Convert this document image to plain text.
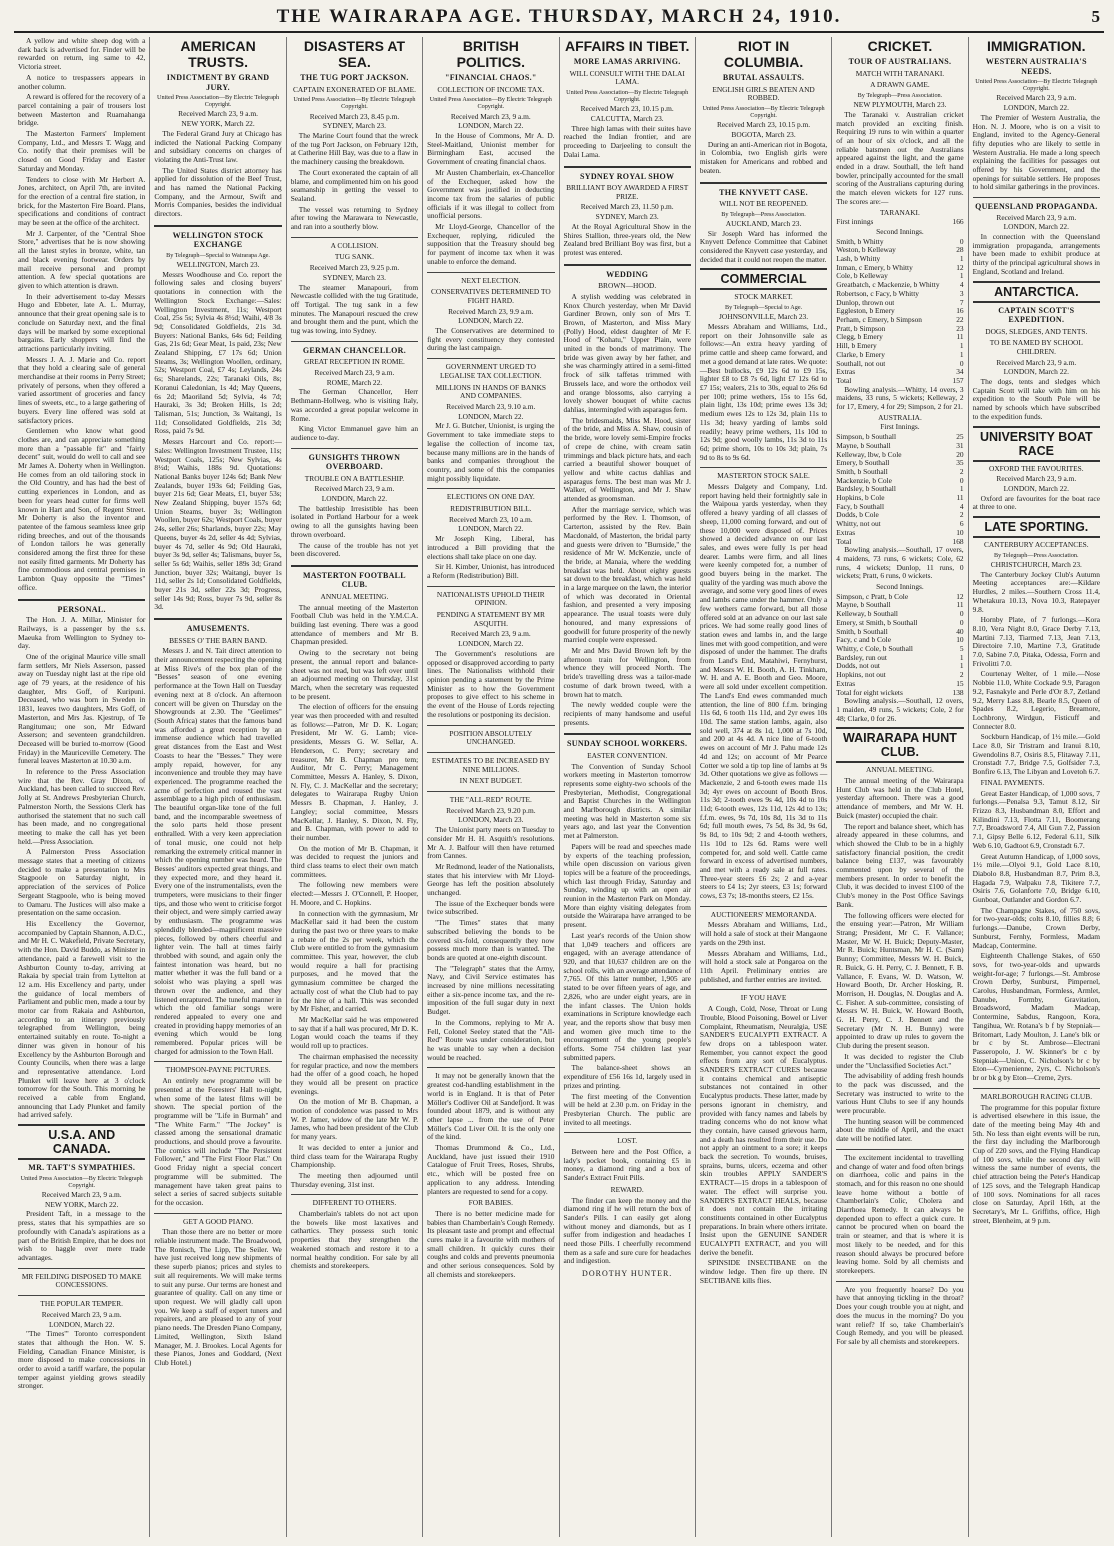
THE WAIRARAPA AGE. THURSDAY, MARCH 24, 1910.	5

A yellow and white sheep dog with a dark back is advertised for. Finder will be rewarded on return, ing same to 42, Victoria street.

A notice to trespassers appears in another column.

A reward is offered for the recovery of a parcel containing a pair of trousers lost between Masterton and Ruamahanga bridge.

The Masterton Farmers' Implement Company, Ltd., and Messrs T. Wagg and Co. notify that their premises will be closed on Good Friday and Easter Saturday and Monday.

Tenders to close with Mr Herbert A. Jones, architect, on April 7th, are invited for the erection of a central fire station, in brick, for the Masterton Fire Board. Plans, specifications and conditions of contract may be seen at the office of the architect.

Mr J. Carpenter, of the "Central Shoe Store," advertises that he is now showing all the latest styles in bronze, white, tan and black evening footwear. Orders by mail receive personal and prompt attention. A few special quotations are given to which attention is drawn.

In their advertisement to-day Messrs Hugo and Ebbeter, late A. L. Murray, announce that their great opening sale is to conclude on Saturday next, and the final days will be marked by some exceptional bargains. Early shoppers will find the attractions particularly inviting.

Messrs J. A. J. Marie and Co. report that they hold a clearing sale of general merchandise at their rooms in Perry Street; privately of persons, when they offered a varied assortment of groceries and fancy lines of sweets, etc., to a large gathering of buyers. Every line offered was sold at satisfactory prices.

Gentlemen who know what good clothes are, and can appreciate something more than a "passable fit" and "fairly decent" suit, would do well to call and see Mr James A. Doherty when in Wellington. He comes from an old tailoring stock in the Old Country, and has had the best of cutting experiences in London, and as been for years head cutter for firms well known in Hart and Son, of Regent Street. Mr Doherty is also the inventor and patentee of the famous seamless knee grip riding breeches, and out of the thousands of London tailors he was generally considered among the first three for these not easily fitted garments. Mr Doherty has fine commodious and central premises in Lambton Quay opposite the "Times" office.

PERSONAL.

The Hon. J. A. Millar, Minister for Railways, is a passenger by the s.s. Maeuka from Wellington to Sydney to-day.

One of the original Maurice ville small farm settlers, Mr Niels Asserson, passed away on Tuesday night last at the ripe old age of 79 years, at the residence of his daughter, Mrs Goff, of Kuripuni. Deceased, who was born in Sweden in 1831, leaves two daughters, Mrs Goff, of Masterton, and Mrs Jas. Kjestrup, of Te Rangitumau; one son, Mr Edward Asserson; and seventeen grandchildren. Deceased will be buried to-morrow (Good Friday) in the Mauriceville Cemetery. The funeral leaves Masterton at 10.30 a.m.

In reference to the Press Association wire that the Rev. Gray Dixon, of Auckland, has been called to succeed Rev. Jolly at St. Andrews Presbyterian Church, Palmerston North, the Sessions Clerk has authorised the statement that no such call has been made, and no congregational meeting to make the call has yet been held.—Press Association.

A Palmerston Press Association message states that a meeting of citizens decided to make a presentation to Mrs Stagpoole on Saturday night, in appreciation of the services of Police Sergeant Stagpoole, who is being moved to Oamaru. The Justices will also make a presentation on the same occasion.

His Excellency the Governor, accompanied by Captain Shannon, A.D.C., and Mr H. C. Wakefield, Private Secretary, with the Hon. David Buddo, as Minister in attendance, paid a farewell visit to the Ashburton County to-day, arriving at Rakaia by special train from Lyttelton at 12 a.m. His Excellency and party, under the guidance of local members of Parliament and public men, made a tour by motor car from Rakaia and Ashburton, according to an itinerary previously telegraphed from Wellington, being entertained suitably en route. To-night a dinner was given in honour of his Excellency by the Ashburton Borough and County Councils, when there was a large and representative attendance. Lord Plunket will leave here at 3 o'clock tomorrow for the South. This morning he received a cable from England, announcing that Lady Plunket and family had arrived safely.

U.S.A. AND CANADA.
MR. TAFT'S SYMPATHIES.
United Press Association—By Electric Telegraph Copyright.
Received March 23, 9 a.m.
NEW YORK, March 22.

President Taft, in a message to the press, states that his sympathies are so profoundly with Canada's aspirations as a part of the British Empire, that he does not wish to haggle over mere trade advantages.

MR FEILDING DISPOSED TO MAKE CONCESSIONS.
THE POPULAR TEMPER.
Received March 23, 9 a.m.
LONDON, March 22.

"The Times'" Toronto correspondent states that although the Hon. W. S. Fielding, Canadian Finance Minister, is more disposed to make concessions in order to avoid a tariff warfare, the popular temper against yielding grows steadily stronger.

AMERICAN TRUSTS.
INDICTMENT BY GRAND JURY.
United Press Association—By Electric Telegraph Copyright.
Received March 23, 9 a.m.
NEW YORK, March 22.

The Federal Grand Jury at Chicago has indicted the National Packing Company and subsidiary concerns on charges of violating the Anti-Trust law.

The United States district attorney has applied for dissolution of the Beef Trust, and has named the National Packing Company, and the Armour, Swift and Morris Companies, besides the individual directors.

WELLINGTON STOCK EXCHANGE
By Telegraph—Special to Wairarapa Age.
WELLINGTON, March 23.

Messrs Woodhouse and Co. report the following sales and closing buyers' quotations in connection with the Wellington Stock Exchange:—Sales: Wellington Investment, 11s; Westport Coal, 25s 5s; Sylvia 4s 8½d; Waihi, 4/8 3s 9d; Consolidated Goldfields, 21s 3d. Buyers: National Banks, 64s 6d; Feilding Gas, 21s 6d; Gear Meat, 1s paid, 23s; New Zealand Shipping, £7 17s 6d; Union Steams, 3s; Wellington Woollen, ordinary, 52s; Westport Coal, £7 4s; Leylands, 24s 6s; Sharelands, 22s; Taranaki Oils, 8s; Koranui Caledonian, 1s 4d; May Queens, 6s 2d; Maoriland 5d; Sylvia, 4s 7d; Hauraki, 3s 3d; Broken Hills, 1s 2d; Talisman, 51s; Junction, 3s Waitangi, 1s 11d; Consolidated Goldfields, 21s 3d; Ross, paid 7s 9d.

Messrs Harcourt and Co. report:—Sales: Wellington Investment Trustee, 11s; Westport Coals, 125s; New Sylvias, 4s 8½d; Waihis, 188s 9d. Quotations: National Banks buyer 124s 6d; Bank New Zealands, buyer 193s 6d; Feilding Gas, buyer 21s 6d; Gear Meats, £1, buyer 53s; New Zealand Shipping, buyer 157s 6d; Union Steams, buyer 3s; Wellington Woollen, buyer 62s; Westport Coals, buyer 24s, seller 26s; Sharlands, buyer 22s; May Queens, buyer 4s 2d, seller 4s 4d; Sylvias, buyer 4s 7d, seller 4s 9d; Old Hauraki, buyer 3s 9d, seller 4s; Talismans, buyer 5s, seller 5s 6d; Waihis, seller 189s 3d; Grand Junction, buyer 32s; Waitangi, buyer 1s 11d, seller 2s 1d; Consolidated Goldfields, buyer 21s 3d, seller 22s 3d; Progress, seller 14s 9d; Ross, buyer 7s 9d, seller 8s 3d.

AMUSEMENTS.
BESSES O' THE BARN BAND.

Messrs J. and N. Tait direct attention to their announcement respecting the opening at Miss Rive's of the box plan of the "Besses" season of one evening performance at the Town Hall on Tuesday evening next at 8 o'clock. An afternoon concert will be given on Thursday on the Showgrounds at 2.30. The "Geelimes" (South Africa) states that the famous band was afforded a great reception by an immense audience which had travelled great distances from the East and West Coasts to hear the "Besses." They were amply repaid, however, for any inconvenience and trouble they may have experienced. The programme reached the acme of perfection and roused the vast assemblage to a high pitch of enthusiasm. The beautiful organ-like tone of the full band, and the incomparable sweetness of the solo parts held those present enthralled. With a very keen appreciation of tonal music, one could not help remarking the extremely critical manner in which the opening number was heard. The Besses' auditors expected great things, and they expected more, and they heard it. Every one of the instrumentalists, even the trumpeters, were musicians to their finger tips, and those who went to criticise forgot their object, and were simply carried away by enthusiasm. The programme was splendidly blended—magnificent massive pieces, followed by others cheerful and lighter vein. The hall at times fairly throbbed with sound, and again only the faintest intonation was heard, but no matter whether it was the full band or a soloist who was playing a spell was thrown over the audience, and they listened enraptured. The tuneful manner in which the old familiar songs were rendered appealed to every one and created in providing happy memories of an evening which would be long remembered. Popular prices will be charged for admission to the Town Hall.

THOMPSON-PAYNE PICTURES.

An entirely new programme will be presented at the Foresters' Hall to-night, when some of the latest films will be shown. The special portion of the programme will be "Life in Burmah" and "The White Farm." "The Jockey" is classed among the sensational dramatic productions, and should prove a favourite. The comics will include "The Persistent Follower," and "The First Floor Flat." On Good Friday night a special concert programme will be submitted. The management have taken great pains to select a series of sacred subjects suitable for the occasion.

GET A GOOD PIANO.

Than those there are no better or more reliable instrument made. The Broadwood, The Ronisch, The Lipp, The Seiler. We have just received long new shipments of these superb pianos; prices and styles to suit all requirements. We will make terms to suit any purse. Our terms are honest and guarantee of quality. Call on any time or upon request. We will gladly call upon you. We keep a staff of expert tuners and repairers, and are pleased to any of your piano needs. The Dresden Piano Company, Limited, Wellington, Sixth Island Manager, M. J. Brookes. Local Agents for these Pianos, Jones and Goddard, (Next Club Hotel.)

DISASTERS AT SEA.
THE TUG PORT JACKSON.
CAPTAIN EXONERATED OF BLAME.
United Press Association—By Electric Telegraph Copyright.
Received March 23, 8.45 p.m.
SYDNEY, March 23.

The Marine Court found that the wreck of the tug Port Jackson, on February 12th, at Catherine Hill Bay, was due to a flaw in the machinery causing the breakdown.

The Court exonerated the captain of all blame, and complimented him on his good seamanship in getting the vessel to Sealand.

The vessel was returning to Sydney after towing the Marawara to Newcastle, and ran into a southerly blow.

A COLLISION.
TUG SANK.
Received March 23, 9.25 p.m.
SYDNEY, March 23.

The steamer Manapouri, from Newcastle collided with the tug Gratitude, off Tortigal. The tug sank in a few minutes. The Manapouri rescued the crew and brought them and the punt, which the tug was towing, into Sydney.

GERMAN CHANCELLOR.
GREAT RECEPTION IN ROME.
Received March 23, 9 a.m.
ROME, March 22.

The German Chancellor, Herr Bethmann-Hollweg, who is visiting Italy, was accorded a great popular welcome in Rome.

King Victor Emmanuel gave him an audience to-day.

GUNSIGHTS THROWN OVERBOARD.
TROUBLE ON A BATTLESHIP.
Received March 23, 9 a.m.
LONDON, March 22.

The battleship Irresistible has been isolated in Portland Harbour for a week owing to all the gunsights having been thrown overboard.

The cause of the trouble has not yet been discovered.

MASTERTON FOOTBALL CLUB.
ANNUAL MEETING.

The annual meeting of the Masterton Football Club was held in the Y.M.C.A. building last evening. There was a good attendance of members and Mr B. Chapman presided.

Owing to the secretary not being present, the annual report and balance-sheet was not read, but was left over until an adjourned meeting on Thursday, 31st March, when the secretary was requested to be present.

The election of officers for the ensuing year was then proceeded with and resulted as follows:—Patron, Mr D. K. Logan; President, Mr W. G. Lamb; vice-presidents, Messrs G. W. Sellar, A. Henderson, C. Perry; secretary and treasurer, Mr B. Chapman pro tem; Auditor, Mr C. Perry; Management Committee, Messrs A. Hanley, S. Dixon, N. Fly, C. J. MacKellar and the secretary; delegates to Wairarapa Rugby Union Messrs B. Chapman, J. Hanley, J. Langley; social committee, Messrs MacKellar, J. Hanley, S. Dixon, N. Fly, and B. Chapman, with power to add to their number.

On the motion of Mr B. Chapman, it was decided to request the juniors and third class teams to elect their own match committees.

The following new members were elected:—Messrs J. O'Connell, P. Hooper, H. Moore, and C. Hopkins.

In connection with the gymnasium, Mr MacKellar said it had been the custom during the past two or three years to make a rebate of the 2s per week, which the Club were entitled to from the gymnasium committee. This year, however, the club would require a hall for practising purposes, and he moved that the gymnasium committee be charged the actually cost of what the Club had to pay for the hire of a hall. This was seconded by Mr Fisher, and carried.

Mr MacKellar said he was empowered to say that if a hall was procured, Mr D. K. Logan would coach the teams if they would roll up to practices.

The chairman emphasised the necessity for regular practice, and now the members had the offer of a good coach, he hoped they would all be present on practice evenings.

On the motion of Mr B. Chapman, a motion of condolence was passed to Mrs W. P. Jamer, widow of the late Mr W. P. James, who had been president of the Club for many years.

It was decided to enter a junior and third class team for the Wairarapa Rugby Championship.

The meeting then adjourned until Thursday evening, 31st inst.

DIFFERENT TO OTHERS.

Chamberlain's tablets do not act upon the bowels like most laxatives and cathartics. They possess such tonic properties that they strengthen the weakened stomach and restore it to a normal healthy condition. For sale by all chemists and storekeepers.

BRITISH POLITICS.
"FINANCIAL CHAOS."
COLLECTION OF INCOME TAX.
United Press Association—By Electric Telegraph Copyright.
Received March 23, 9 a.m.
LONDON, March 22.

In the House of Commons, Mr A. D. Steel-Maitland, Unionist member for Birmingham East, accused the Government of creating financial chaos.

Mr Austen Chamberlain, ex-Chancellor of the Exchequer, asked how the Government was justified in deducting income tax from the salaries of public officials if it was illegal to collect from unofficial persons.

Mr Lloyd-George, Chancellor of the Exchequer, replying, ridiculed the supposition that the Treasury should beg for payment of income tax when it was unable to enforce the demand.

NEXT ELECTION.
CONSERVATIVES DETERMINED TO FIGHT HARD.
Received March 23, 9.9 a.m.
LONDON, March 22.

The Conservatives are determined to fight every constituency they contested during the last campaign.

GOVERNMENT URGED TO LEGALISE TAX COLLECTION.
MILLIONS IN HANDS OF BANKS AND COMPANIES.
Received March 23, 9.10 a.m.
LONDON, March 22.

Mr J. G. Butcher, Unionist, is urging the Government to take immediate steps to legalise the collection of income tax, because many millions are in the hands of banks and companies throughout the country, and some of this the companies might possibly liquidate.

ELECTIONS ON ONE DAY.
REDISTRIBUTION BILL.
Received March 23, 10 a.m.
LONDON, March 22.

Mr Joseph King, Liberal, has introduced a Bill providing that the elections shall take place on one day.

Sir H. Kimber, Unionist, has introduced a Reform (Redistribution) Bill.

NATIONALISTS UPHOLD THEIR OPINION.
PENDING A STATEMENT BY MR ASQUITH.
Received March 23, 9 a.m.
LONDON, March 22.

The Government's resolutions are opposed or disapproved according to party lines. The Nationalists withhold their opinion pending a statement by the Prime Minister as to how the Government proposes to give effect to his scheme in the event of the House of Lords rejecting the resolutions or postponing its decision.

POSITION ABSOLUTELY UNCHANGED.
ESTIMATES TO BE INCREASED BY NINE MILLIONS.
IN NEXT BUDGET.
THE "ALL-RED" ROUTE.
Received March 23, 9.20 p.m.
LONDON, March 23.

The Unionist party meets on Tuesday to consider Mr H. H. Asquith's resolutions. Mr A. J. Balfour will then have returned from Cannes.

Mr Redmond, leader of the Nationalists, states that his interview with Mr Lloyd-George has left the position absolutely unchanged.

The issue of the Exchequer bonds were twice subscribed.

"The Times" states that many subscribed believing the bonds to be covered six-fold, consequently they now possess much more than is wanted. The bonds are quoted at one-eighth discount.

The "Telegraph" states that the Army, Navy, and Civil Service estimates has increased by nine millions necessitating either a six-pence income tax, and the re-imposition of the full sugar duty in next Budget.

In the Commons, replying to Mr A. Fell, Colonel Seeley stated that the "All-Red" Route was under consideration, but he was unable to say when a decision would be reached.

It may not be generally known that the greatest cod-handling establishment in the world is in England. It is that of Peter Möller's Codliver Oil at Sandefjord. It was founded about 1879, and is without any other lapse ... from the use of Peter Möller's Cod Liver Oil. It is the only one of the kind.

Thomas Drummond & Co., Ltd., Auckland, have just issued their 1910 Catalogue of Fruit Trees, Roses, Shrubs, etc., which will be posted free on application to any address. Intending planters are requested to send for a copy.

FOR BABIES.

There is no better medicine made for babies than Chamberlain's Cough Remedy. Its pleasant taste and prompt and effectual cures make it a favourite with mothers of small children. It quickly cures their coughs and colds and prevents pneumonia and other serious consequences. Sold by all chemists and storekeepers.

AFFAIRS IN TIBET.
MORE LAMAS ARRIVING.
WILL CONSULT WITH THE DALAI LAMA.
United Press Association—By Electric Telegraph Copyright.
Received March 23, 10.15 p.m.
CALCUTTA, March 23.

Three high lamas with their suites have reached the Indian frontier, and are proceeding to Darjeeling to consult the Dalai Lama.

SYDNEY ROYAL SHOW
BRILLIANT BOY AWARDED A FIRST PRIZE.
Received March 23, 11.50 p.m.
SYDNEY, March 23.

At the Royal Agricultural Show in the Shires Stallion, three-years old, the New Zealand bred Brilliant Boy was first, but a protest was entered.

WEDDING
BROWN—HOOD.

A stylish wedding was celebrated in Knox Church yesterday, when Mr David Gardiner Brown, only son of Mrs T. Brown, of Masterton, and Miss Mary (Polly) Hood, eldest daughter of Mr F. Hood of "Kohatu," Upper Plain, were united in the bonds of matrimony. The bride was given away by her father, and she was charmingly attired in a semi-fitted frock of silk taffetas trimmed with Brussels lace, and wore the orthodox veil and orange blossoms, also carrying a lovely shower bouquet of white cactus dahlias, intermingled with asparagus fern.

The bridesmaids, Miss M. Hood, sister of the bride, and Miss A. Shaw, cousin of the bride, wore lovely semi-Empire frocks of crepe de chine, with cream satin trimmings and black picture hats, and each carried a beautiful shower bouquet of yellow and white cactus dahlias and asparagus ferns. The best man was Mr J. Walker, of Wellington, and Mr J. Shaw attended as groomsman.

After the marriage service, which was performed by the Rev. I. Thomson, of Carterton, assisted by the Rev. Bain Macdonald, of Masterton, the bridal party and guests were driven to "Burnside," the residence of Mr W. McKenzie, uncle of the bride, at Manaia, where the wedding breakfast was held. About eighty guests sat down to the breakfast, which was held in a large marquee on the lawn, the interior of which was decorated in Oriental fashion, and presented a very imposing appearance. The usual toasts were duly honoured, and many expressions of goodwill for future prosperity of the newly married couple were expressed.

Mr and Mrs David Brown left by the afternoon train for Wellington, from whence they will proceed North. The bride's travelling dress was a tailor-made costume of dark brown tweed, with a brown hat to match.

The newly wedded couple were the recipients of many handsome and useful presents.

SUNDAY SCHOOL WORKERS.
EASTER CONVENTION.

The Convention of Sunday School workers meeting in Masterton tomorrow represents some eighty-two schools of the Presbyterian, Methodist, Congregational and Baptist Churches in the Wellington and Marlborough districts. A similar meeting was held in Masterton some six years ago, and last year the Convention met at Palmerston.

Papers will be read and speeches made by experts of the teaching profession, while open discussion on various given topics will be a feature of the proceedings, which last through Friday, Saturday and Sunday, winding up with an open air reunion in the Masterton Park on Monday. More than eighty visiting delegates from outside the Wairarapa have arranged to be present.

Last year's records of the Union show that 1,049 teachers and officers are engaged, with an average attendance of 920, and that 10,637 children are on the school rolls, with an average attendance of 7,765. Of this latter number, 1,905 are stated to be over fifteen years of age, and 2,826, who are under eight years, are in the infant classes. The Union holds examinations in Scripture knowledge each year, and the reports show that busy men and women give much time to the encouragement of the young people's efforts. Some 754 children last year submitted papers.

The balance-sheet shows an expenditure of £56 16s 1d, largely used in prizes and printing.

The first meeting of the Convention will be held at 2.30 p.m. on Friday in the Presbyterian Church. The public are invited to all meetings.

LOST.

Between here and the Post Office, a lady's pocket book, containing £5 in money, a diamond ring and a box of Sander's Extract Fruit Pills.

REWARD.

The finder can keep the money and the diamond ring if he will return the box of Sander's Pills. I can easily get along without money and diamonds, but as I suffer from indigestion and headaches I need those Pills. I cheerfully recommend them as a safe and sure cure for headaches and indigestion.

DOROTHY HUNTER.
RIOT IN COLUMBIA.
BRUTAL ASSAULTS.
ENGLISH GIRLS BEATEN AND ROBBED.
United Press Association—By Electric Telegraph Copyright.
Received March 23, 10.15 p.m.
BOGOTA, March 23.

During an anti-American riot in Bogota, in Colombia, two English girls were mistaken for Americans and robbed and beaten.

THE KNYVETT CASE.
WILL NOT BE REOPENED.
By Telegraph—Press Association.
AUCKLAND, March 23.

Sir Joseph Ward has informed the Knyvett Defence Committee that Cabinet considered the Knyvett case yesterday, and decided that it could not reopen the matter.

COMMERCIAL
STOCK MARKET.
By Telegraph—Special to Age.
JOHNSONVILLE, March 23.

Messrs Abraham and Williams, Ltd., report on their Johnsonville sale as follows:—An extra heavy yarding of prime cattle and sheep came forward, and met a good demand at late rates. We quote:—Best bullocks, £9 12s 6d to £9 15s, lighter £8 to £8 7s 6d, light £7 12s 6d to £7 15s; vealers, 21s to 30s, equal to 26s 6d per 100; prime wethers, 15s to 15s 6d, plain light, 13s 10d; prime ewes 13s 3d; medium ewes 12s to 12s 3d, plain 11s to 11s 3d; heavy yarding of lambs sold readily; heavy prime wethers, 11s 10d to 12s 9d; good woolly lambs, 11s 3d to 11s 6d; prime shorn, 10s to 10s 3d; plain, 7s 9d to 8s to 9s 6d.

MASTERTON STOCK SALE.

Messrs Dalgety and Company, Ltd. report having held their fortnightly sale in the Waipoua yards yesterday, when they offered a heavy yarding of all classes of sheep, 11,000 coming forward, and out of these 10,000 were disposed of. Prices showed a decided advance on our last sales, and ewes were fully 1s per head dearer. Lambs were firm, and all lines were keenly competed for, a number of good buyers being in the market. The quality of the yarding was much above the average, and some very good lines of ewes and lambs came under the hammer. Only a few wethers came forward, but all those offered sold at an advance on our last sale prices. We had some really good lines of station ewes and lambs in, and the large lines met with good competition, and were disposed of under the hammer. The drafts from Land's End, Matahiwi, Fernyhurst, and Messrs W. H. Booth, A. H. Tinkham, W. H. and A. E. Booth and Geo. Moore, were all sold under excellent competition. The Land's End ewes commanded much attention, the line of 800 f.f.m. bringing 11s 6d, 6 tooth 11s 11d, and 2yr ewes 10s 10d. The same station lambs, again, also sold well, 374 at 8s 1d, 1,000 at 7s 10d, and 200 at 4s 4d. A nice line of 6-tooth ewes on account of Mr J. Pahu made 12s 4d and 12s; on account of Mr Pearce Cotter we sold a tip top line of lambs at 9s 3d. Other quotations we give as follows —Mackenzie, 2 and 6-tooth ewes made 11s 3d; 4yr ewes on account of Booth Bros. 11s 3d; 2-tooth ewes 9s 4d, 10s 4d to 10s 11d; 6-tooth ewes, 12s 11d, 12s 4d to 13s; f.f.m. ewes, 9s 7d, 10s 8d, 11s 3d to 11s 6d; full mouth ewes, 7s 5d, 8s 3d, 9s 6d, 9s 8d, to 10s 9d; 2 and 4-tooth wethers, 11s 10d to 12s 6d. Rams were well competed for, and sold well. Cattle came forward in excess of advertised numbers, and met with a ready sale at full rates. Three-year steers £6 2s; 2 and a-year steers to £4 1s; 2yr steers, £3 1s; forward cows, £3 7s; 18-months steers, £2 15s.

AUCTIONEERS' MEMORANDA.

Messrs Abraham and Williams, Ltd., will hold a sale of stock at their Mangaone yards on the 29th inst.

Messrs Abraham and Williams, Ltd., will hold a stock sale at Pongaroa on the 11th April. Preliminary entries are published, and further entries are invited.

IF YOU HAVE

A Cough, Cold, Nose, Throat or Lung Trouble, Blood Poisoning, Bowel or Liver Complaint, Rheumatism, Neuralgia, USE SANDER'S EUCALYPTI EXTRACT. A few drops on a tablespoon water. Remember, you cannot expect the good effects from any sort of Eucalyptus. SANDER'S EXTRACT CURES because it contains chemical and antiseptic substances not contained in other Eucalyptus products. These latter, made by persons ignorant in chemistry, and provided with fancy names and labels by trading concerns who do not know what they contain, have caused grievous harm, and a death has resulted from their use. Do not apply an ointment to a sore; it keeps back the secretion. To wounds, bruises, sprains, burns, ulcers, eczema and other skin troubles APPLY SANDER'S EXTRACT—15 drops in a tablespoon of water. The effect will surprise you. SANDER'S EXTRACT HEALS, because it does not contain the irritating constituents contained in other Eucalyptus preparations. In brain where others irritate. Insist upon the GENUINE SANDER EUCALYPTI EXTRACT, and you will derive the benefit.

SPINSIDE INSECTIBANE on the window ledge. Then fire up there. IN SECTIBANE kills flies.

CRICKET.
TOUR OF AUSTRALIANS.
MATCH WITH TARANAKI.
A DRAWN GAME.
By Telegraph—Press Association.
NEW PLYMOUTH, March 23.

The Taranaki v. Australian cricket match provided an exciting finish. Requiring 19 runs to win within a quarter of an hour of six o'clock, and all the reliable batsmen out the Australians appeared against the light, and the game ended in a draw. Southall, the left hand bowler, principally accounted for the small scoring of the Australians capturing during the match eleven wickets for 127 runs. The scores are:—

TARANAKI.
First innings	166
Second Innings.
Smith, b Whitty	0
Weston, b Kelleway	28
Lash, b Whitty	1
Inman, c Emery, b Whitty	12
Cole, b Kelleway	1
Greatbatch, c Mackenzie, b Whitty	4
Robertson, c Facy, b Whitty	3
Dunlop, thrown out	7
Eggleston, b Emery	16
Perham, c Emery, b Simpson	22
Pratt, b Simpson	23
Clegg, b Emery	11
Hill, b Emery	1
Clarke, b Emery	1
Southall, not out	0
Extras	34
Total	157

Bowling analysis.—Whitty, 14 overs, 3 maidens, 33 runs, 5 wickets; Kelleway, 2 for 17, Emery, 4 for 29; Simpson, 2 for 21.

AUSTRALIA.
First Innings.
Simpson, b Southall	25
Mayne, b Southall	31
Kelleway, lbw, b Cole	20
Emery, b Southall	35
Smith, b Southall	2
Mackenzie, b Cole	0
Bardsley, b Southall	1
Hopkins, b Cole	11
Facy, b Southall	4
Dodds, b Cole	2
Whitty, not out	6
Extras	10
Total	168

Bowling analysis.—Southall, 17 overs, 4 maidens, 73 runs, 6 wickets; Cole, 62 runs, 4 wickets; Dunlop, 11 runs, 0 wickets; Pratt, 6 runs, 0 wickets.

Second Innings.
Simpson, c Pratt, b Cole	12
Mayne, b Southall	11
Kelleway, b Southall	0
Emery, st Smith, b Southall	0
Smith, b Southall	40
Facy, c and b Cole	10
Whitty, c Cole, b Southall	5
Bardsley, run out	1
Dodds, not out	1
Hopkins, not out	2
Extras	15
Total for eight wickets	138

Bowling analysis.—Southall, 12 overs, 1 maiden, 49 runs, 5 wickets; Cole, 2 for 48; Clarke, 0 for 26.

WAIRARAPA HUNT CLUB.
ANNUAL MEETING.

The annual meeting of the Wairarapa Hunt Club was held in the Club Hotel, yesterday afternoon. There was a good attendance of members, and Mr W. H. Buick (master) occupied the chair.

The report and balance sheet, which has already appeared in these columns, and which showed the Club to be in a highly satisfactory financial position, the credit balance being £137, was favourably commented upon by several of the members present. In order to benefit the Club, it was decided to invest £100 of the Club's money in the Post Office Savings Bank.

The following officers were elected for the ensuing year:—Patron, Mr William Strang; President, Mr C. F. Vallance; Master, Mr W. H. Buick; Deputy-Master, Mr R. Buick; Huntsman, Mr H. C. (Sam) Bunny; Committee, Messrs W. H. Buick, R. Buick, G. H. Perry, C. J. Bennett, F. B. Vallance, F. Evans, W. D. Watson, W. Howard Booth, Dr. Archer Hosking, R. Morrison, H. Douglas, N. Douglas and A. C. Fisher. A sub-committee, consisting of Messrs W. H. Buick, W. Howard Booth, G. H. Perry, C. J. Bennett and the Secretary (Mr N. H. Bunny) were appointed to draw up rules to govern the Club during the present season.

It was decided to register the Club under the "Unclassified Societies Act."

The advisability of adding fresh hounds to the pack was discussed, and the Secretary was instructed to write to the various Hunt Clubs to see if any hounds were procurable.

The hunting season will be commenced about the middle of April, and the exact date will be notified later.

The excitement incidental to travelling and change of water and food often brings on diarrhoea, colic and pains in the stomach, and for this reason no one should leave home without a bottle of Chamberlain's Colic, Cholera and Diarrhoea Remedy. It can always be depended upon to effect a quick cure. It cannot be procured when on board the train or steamer, and that is where it is most likely to be needed, and for this reason should always be procured before leaving home. Sold by all chemists and storekeepers.

Are you frequently hoarse? Do you have that annoying tickling in the throat? Does your cough trouble you at night, and does the mucus in the morning? Do you want relief? If so, take Chamberlain's Cough Remedy, and you will be pleased. For sale by all chemists and storekeepers.

IMMIGRATION.
WESTERN AUSTRALIA'S NEEDS.
United Press Association—By Electric Telegraph Copyright.
Received March 23, 9 a.m.
LONDON, March 22.

The Premier of Western Australia, the Hon. N. J. Moore, who is on a visit to England, invited to the Agency-General fifty deputies who are likely to settle in Western Australia. He made a long speech explaining the facilities for passages out offered by his Government, and the openings for suitable settlers. He proposes to hold similar gatherings in the provinces.

QUEENSLAND PROPAGANDA.
Received March 23, 9 a.m.
LONDON, March 22.

In connection with the Queensland immigration propaganda, arrangements have been made to exhibit produce at thirty of the principal agricultural shows in England, Scotland and Ireland.

ANTARCTICA.
CAPTAIN SCOTT'S EXPEDITION.
DOGS, SLEDGES, AND TENTS.
TO BE NAMED BY SCHOOL CHILDREN.
Received March 23, 9 a.m.
LONDON, March 22.

The dogs, tents and sledges which Captain Scott will take with him on his expedition to the South Pole will be named by schools which have subscribed to the expedition funds.

UNIVERSITY BOAT RACE
OXFORD THE FAVOURITES.
Received March 23, 9 a.m.
LONDON, March 22.

Oxford are favourites for the boat race at three to one.

LATE SPORTING.
CANTERBURY ACCEPTANCES.
By Telegraph—Press Association.
CHRISTCHURCH, March 23.

The Canterbury Jockey Club's Autumn Meeting acceptances are:—Kildare Hurdles, 2 miles.—Southern Cross 11.4, Whetakura 10.13, Nova 10.3, Ratepayer 9.8.

Hornby Plate, of 7 furlongs.—Kora 8.10, Vera Night 8.0, Grace Derby 7.13, Martini 7.13, Tiarmed 7.13, Jean 7.13, Directoire 7.10, Martine 7.3, Gratitude 7.0, Sabine 7.0, Pitaka, Odessa, Forrn and Frivolitti 7.0.

Courtenay Welter, of 1 mile.—Nose Nobbie 11.0, White Cockade 9.9, Paragon 9.2, Fasnakyle and Perle d'Or 8.7, Zetland 9.2, Merry Lass 8.8, Bearle 8.5, Queen of Spades 8.2, Legerio, Breamore, Lochbrony, Wirdgun, Fisticuff and Connecter 8.0.

Sockburn Handicap, of 1½ mile.—Gold Lace 8.0, Sir Tristram and Iranui 8.10, Gwendolins 8.7, Osiris 8.5, Flitaway 7.11, Cronstadt 7.7, Bridge 7.5, Golfsider 7.3, Bonfire 6.13, The Libyan and Lovetoh 6.7.

FINAL PAYMENTS.

Great Easter Handicap, of 1,000 sovs, 7 furlongs.—Penalsa 9.3, Tamut 8.12, Sir Frizzo 8.3, Husbandman 8.0, Effort and Kilindini 7.13, Flotta 7.11, Boomerang 7.7, Broadsword 7.4, All Gun 7.2, Passion 7.1, Gipsy Belle 6.12, Federal 6.11, Silk Web 6.10, Gadtoot 6.9, Cronstadt 6.7.

Great Autumn Handicap, of 1,000 sovs, 1½ mile.—Olyoi 9.1, Gold Lace 8.10, Diabolo 8.8, Husbandman 8.7, Prim 8.3, Hagada 7.9, Walpaku 7.8, Tikitere 7.7, Osiris 7.6, Golanforte 7.0, Bridge 6.10, Gunboat, Outlander and Gordon 6.7.

The Champagne Stakes, of 750 sovs, for two-year-olds; colts 8.10, fillies 8.8; 6 furlongs.—Danube, Crown Derby, Sunburst, Fernhy, Formless, Madam Madcap, Contermine.

Eighteenth Challenge Stakes, of 650 sovs, for two-year-olds and upwards weight-for-age; 7 furlongs.—St. Ambrose Crown Derby, Sunburst, Pimpernel, Carolus, Husbandman, Formless, Armlet, Danube, Formby, Gravitation, Broadsword, Madam Madcap, Contermine, Sabdus, Rangoon, Kora, Tangihua, Wr. Rotana's b f by Stepniak—Britomart, Lady Moulton, J. Lane's blk or br c by St. Ambrose—Electrani Passeropolo, J. W. Skinner's br c by Stepniak—Union, C. Nicholson's br c by Eton—Cymenienne, 2yrs, C. Nicholson's br or bk g by Eton—Creme, 2yrs.

MARLBOROUGH RACING CLUB.

The programme for this popular fixture is advertised elsewhere in this issue, the date of the meeting being May 4th and 5th. No less than eight events will be run, the first day including the Marlborough Cup of 220 sovs, and the Flying Handicap of 100 sovs, while the second day will witness the same number of events, the chief attraction being the Peter's Handicap of 125 sovs, and the Telegraph Handicap of 100 sovs. Nominations for all races close on Saturday, April 16th, at the Secretary's, Mr L. Griffiths, office, High street, Blenheim, at 9 p.m.
